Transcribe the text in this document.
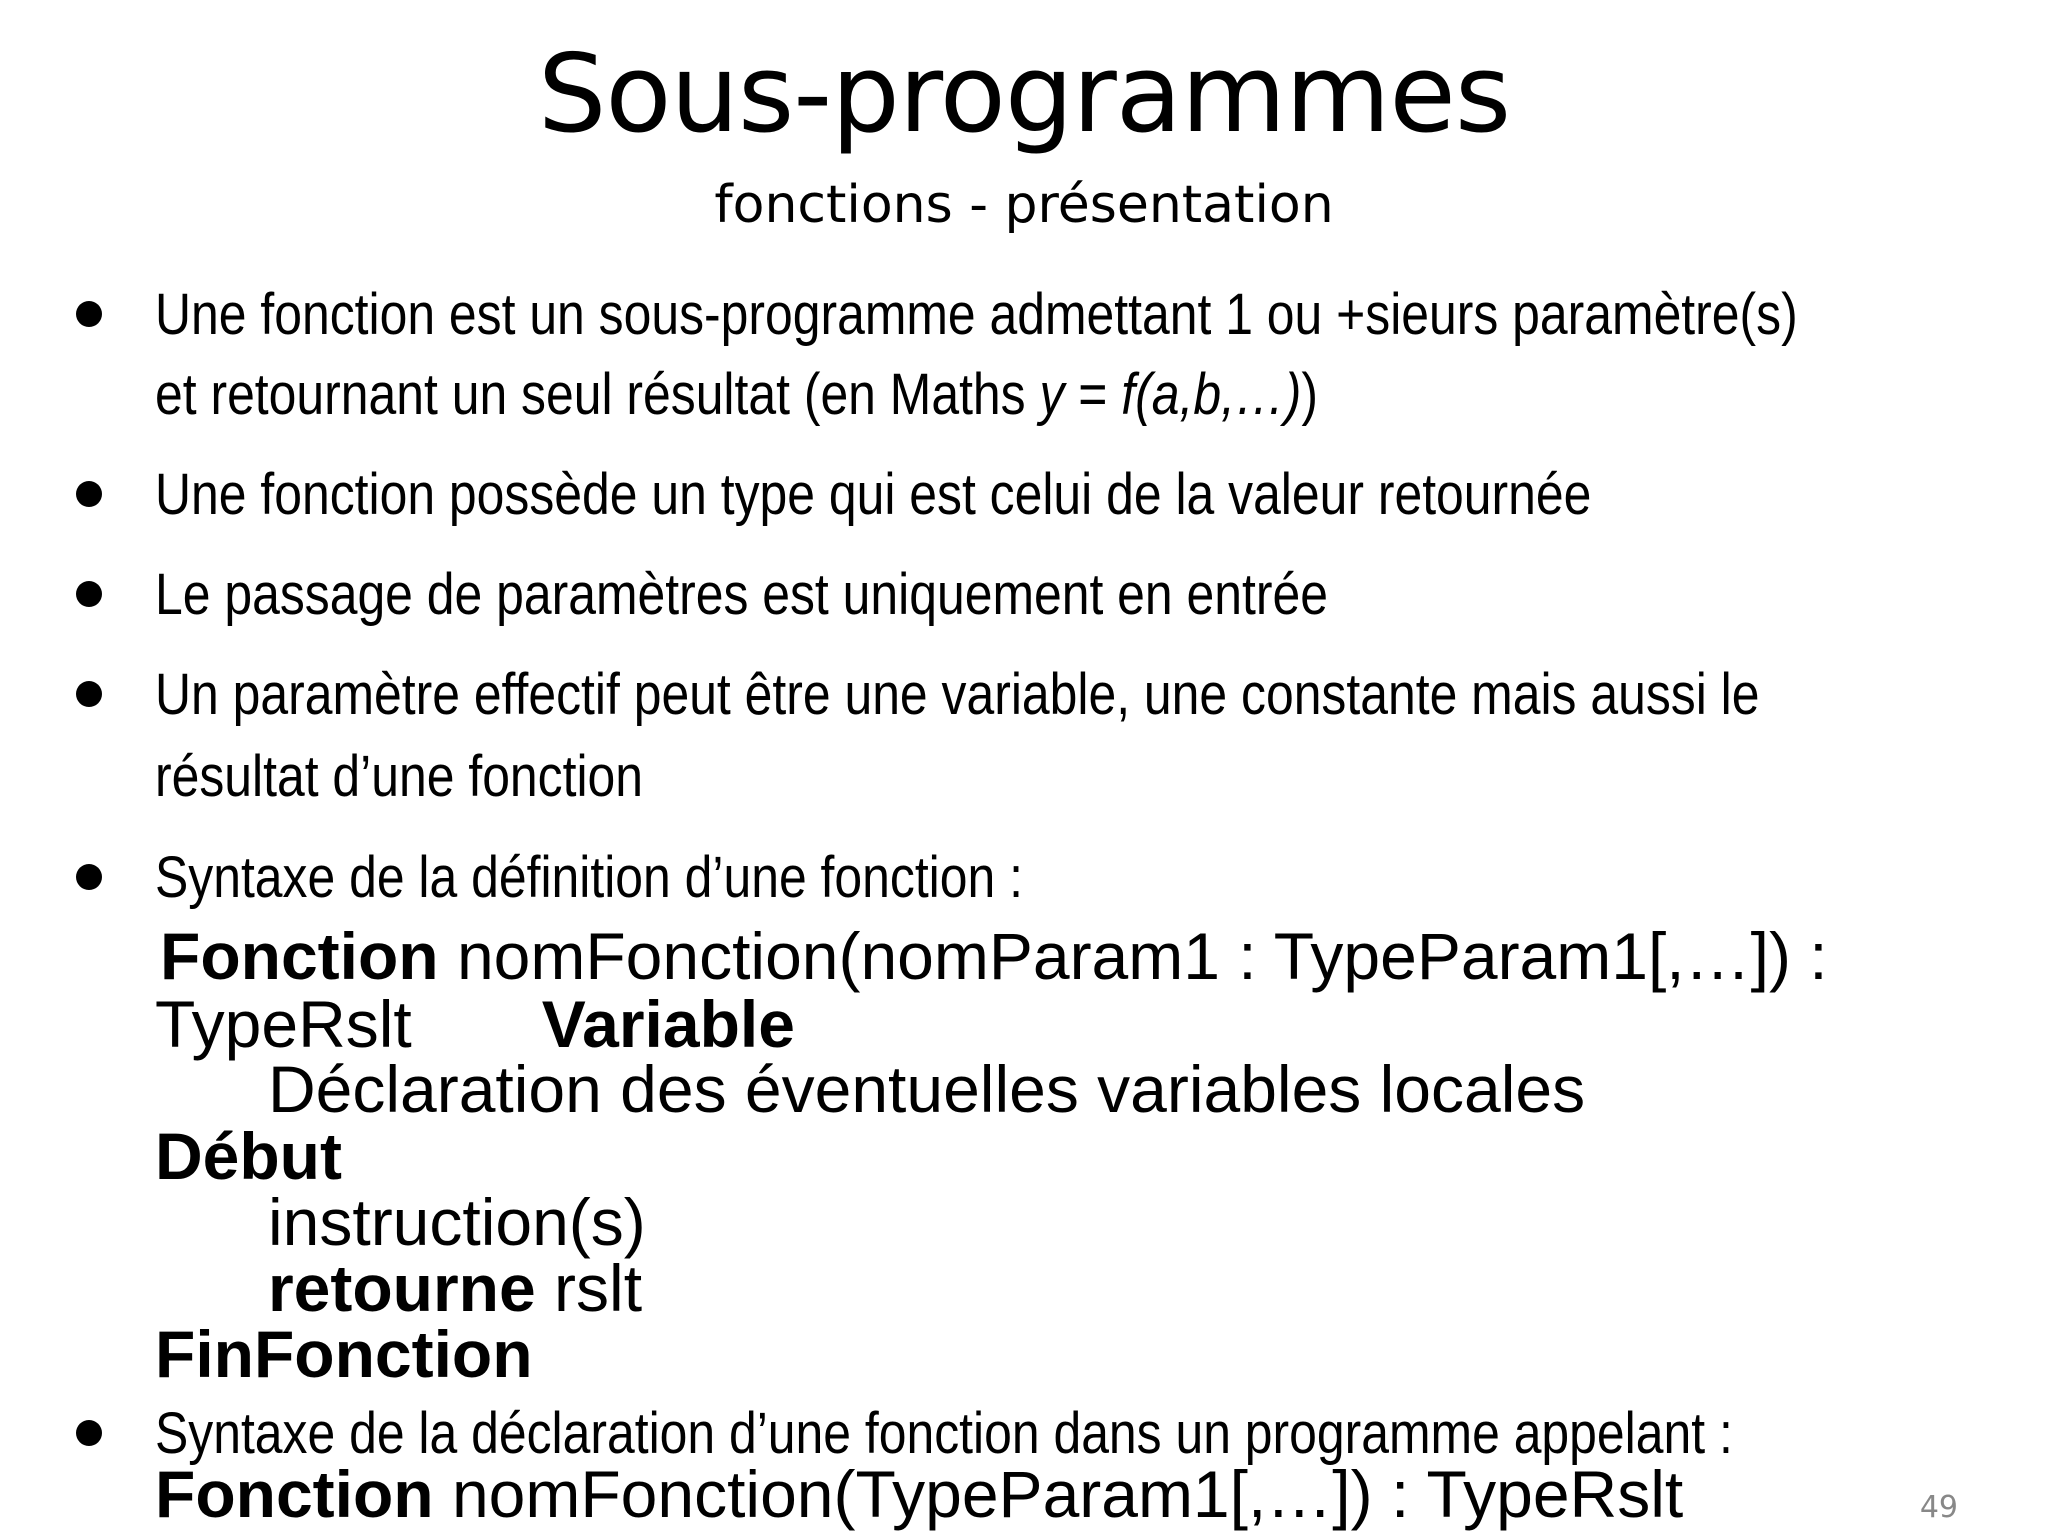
Sous-programmes
fonctions - présentation
Une fonction est un sous-programme admettant 1 ou +sieurs paramètre(s)
et retournant un seul résultat (en Maths y = f(a,b,…))
Une fonction possède un type qui est celui de la valeur retournée
Le passage de paramètres est uniquement en entrée
Un paramètre effectif peut être une variable, une constante mais aussi le
résultat d’une fonction
Syntaxe de la définition d’une fonction :
Fonction nomFonction(nomParam1 : TypeParam1[,…]) :
TypeRslt Variable
Déclaration des éventuelles variables locales
Début
instruction(s)
retourne rslt
FinFonction
Syntaxe de la déclaration d’une fonction dans un programme appelant :
Fonction nomFonction(TypeParam1[,…]) : TypeRslt	49
